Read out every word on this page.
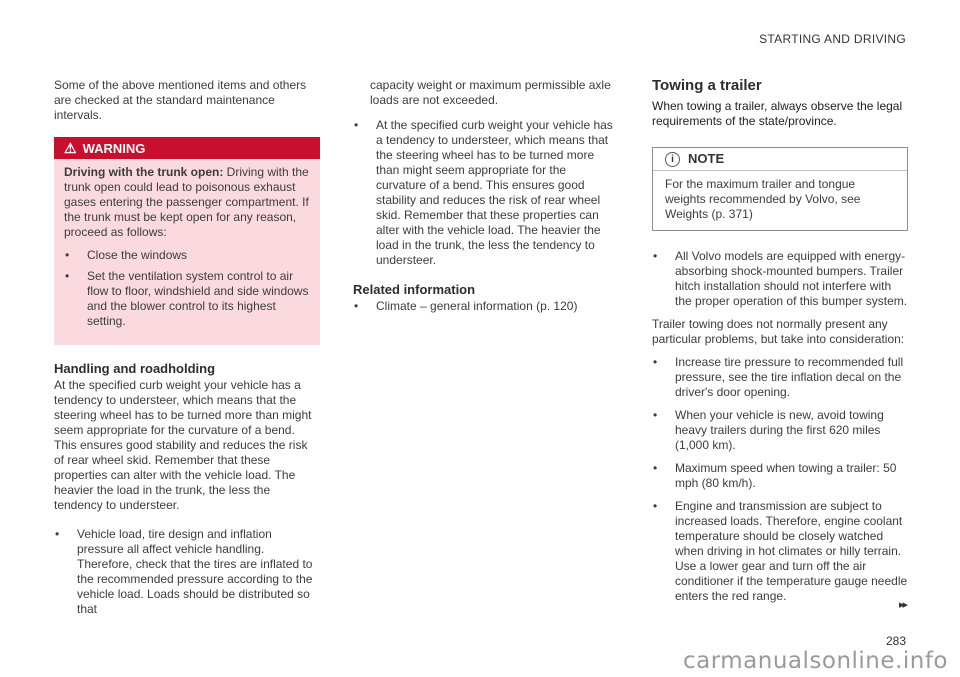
STARTING AND DRIVING

Some of the above mentioned items and others are checked at the standard maintenance intervals.

⚠ WARNING

Driving with the trunk open: Driving with the trunk open could lead to poisonous exhaust gases entering the passenger compartment. If the trunk must be kept open for any reason, proceed as follows:

• Close the windows
• Set the ventilation system control to air flow to floor, windshield and side windows and the blower control to its highest setting.
Handling and roadholding

At the specified curb weight your vehicle has a tendency to understeer, which means that the steering wheel has to be turned more than might seem appropriate for the curvature of a bend. This ensures good stability and reduces the risk of rear wheel skid. Remember that these properties can alter with the vehicle load. The heavier the load in the trunk, the less the tendency to understeer.

• Vehicle load, tire design and inflation pressure all affect vehicle handling. Therefore, check that the tires are inflated to the recommended pressure according to the vehicle load. Loads should be distributed so that
capacity weight or maximum permissible axle loads are not exceeded.
• At the specified curb weight your vehicle has a tendency to understeer, which means that the steering wheel has to be turned more than might seem appropriate for the curvature of a bend. This ensures good stability and reduces the risk of rear wheel skid. Remember that these properties can alter with the vehicle load. The heavier the load in the trunk, the less the tendency to understeer.
Related information
• Climate – general information (p. 120)
Towing a trailer

When towing a trailer, always observe the legal requirements of the state/province.

i NOTE
For the maximum trailer and tongue weights recommended by Volvo, see Weights (p. 371)
• All Volvo models are equipped with energy-absorbing shock-mounted bumpers. Trailer hitch installation should not interfere with the proper operation of this bumper system.

Trailer towing does not normally present any particular problems, but take into consideration:

• Increase tire pressure to recommended full pressure, see the tire inflation decal on the driver's door opening.
• When your vehicle is new, avoid towing heavy trailers during the first 620 miles (1,000 km).
• Maximum speed when towing a trailer: 50 mph (80 km/h).
• Engine and transmission are subject to increased loads. Therefore, engine coolant temperature should be closely watched when driving in hot climates or hilly terrain. Use a lower gear and turn off the air conditioner if the temperature gauge needle enters the red range.
▸▸
283
carmanualsonline.info
